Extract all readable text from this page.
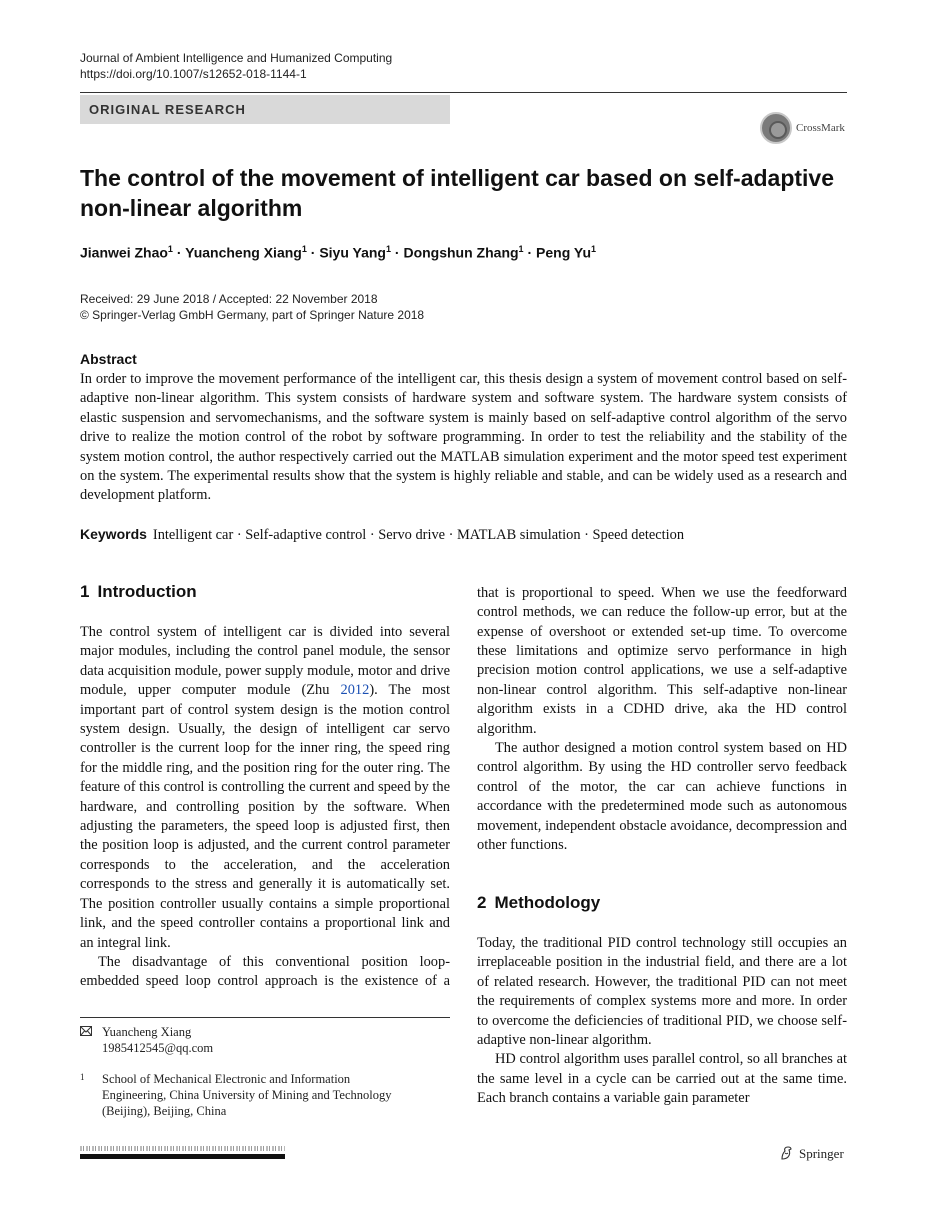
Journal of Ambient Intelligence and Humanized Computing
https://doi.org/10.1007/s12652-018-1144-1
ORIGINAL RESEARCH
CrossMark
The control of the movement of intelligent car based on self-adaptive non-linear algorithm
Jianwei Zhao$^1$ · Yuancheng Xiang$^1$ · Siyu Yang$^1$ · Dongshun Zhang$^1$ · Peng Yu$^1$
Received: 29 June 2018 / Accepted: 22 November 2018
© Springer-Verlag GmbH Germany, part of Springer Nature 2018
Abstract
In order to improve the movement performance of the intelligent car, this thesis design a system of movement control based on self-adaptive non-linear algorithm. This system consists of hardware system and software system. The hardware system consists of elastic suspension and servomechanisms, and the software system is mainly based on self-adaptive control algorithm of the servo drive to realize the motion control of the robot by software programming. In order to test the reliability and the stability of the system motion control, the author respectively carried out the MATLAB simulation experiment and the motor speed test experiment on the system. The experimental results show that the system is highly reliable and stable, and can be widely used as a research and development platform.
Keywords Intelligent car · Self-adaptive control · Servo drive · MATLAB simulation · Speed detection
1 Introduction

The control system of intelligent car is divided into several major modules, including the control panel module, the sensor data acquisition module, power supply module, motor and drive module, upper computer module (Zhu 2012). The most important part of control system design is the motion control system design. Usually, the design of intelligent car servo controller is the current loop for the inner ring, the speed ring for the middle ring, and the position ring for the outer ring. The feature of this control is controlling the current and speed by the hardware, and controlling position by the software. When adjusting the parameters, the speed loop is adjusted first, then the position loop is adjusted, and the current control parameter corresponds to the acceleration, and the acceleration corresponds to the stress and generally it is automatically set. The position controller usually contains a simple proportional link, and the speed controller contains a proportional link and an integral link.

The disadvantage of this conventional position loop-embedded speed loop control approach is the existence of a

that is proportional to speed. When we use the feedforward control methods, we can reduce the follow-up error, but at the expense of overshoot or extended set-up time. To overcome these limitations and optimize servo performance in high precision motion control applications, we use a self-adaptive non-linear control algorithm. This self-adaptive non-linear algorithm exists in a CDHD drive, aka the HD control algorithm.

The author designed a motion control system based on HD control algorithm. By using the HD controller servo feedback control of the motor, the car can achieve functions in accordance with the predetermined mode such as autonomous movement, independent obstacle avoidance, decompression and other functions.

2 Methodology

Today, the traditional PID control technology still occupies an irreplaceable position in the industrial field, and there are a lot of related research. However, the traditional PID can not meet the requirements of complex systems more and more. In order to overcome the deficiencies of traditional PID, we choose self-adaptive non-linear algorithm.

HD control algorithm uses parallel control, so all branches at the same level in a cycle can be carried out at the same time. Each branch contains a variable gain parameter

Yuancheng Xiang
1985412545@qq.com
1 School of Mechanical Electronic and Information
Engineering, China University of Mining and Technology
(Beijing), Beijing, China
Springer
